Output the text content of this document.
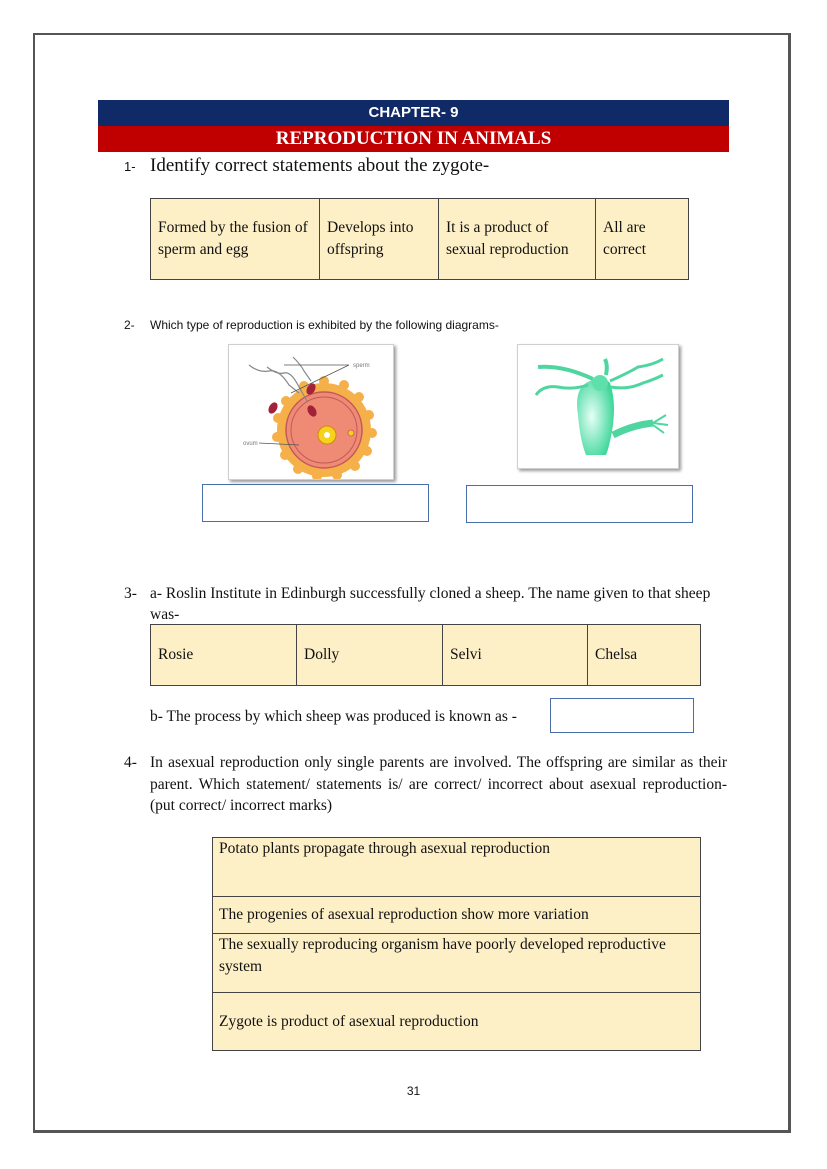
CHAPTER- 9
REPRODUCTION IN ANIMALS
1- Identify correct statements about the zygote-
Formed by the fusion of sperm and egg	Develops into offspring	It is a product of sexual reproduction	All are correct
2- Which type of reproduction is exhibited by the following diagrams-
sperm
ovum
3- a- Roslin Institute in Edinburgh successfully cloned a sheep. The name given to that sheep was-
Rosie	Dolly	Selvi	Chelsa
b- The process by which sheep was produced is known as -
4- In asexual reproduction only single parents are involved. The offspring are similar as their parent. Which statement/ statements is/ are correct/ incorrect about asexual reproduction- (put correct/ incorrect marks)
Potato plants propagate through asexual reproduction
The progenies of asexual reproduction show more variation
The sexually reproducing organism have poorly developed reproductive system
Zygote is product of asexual reproduction
31
